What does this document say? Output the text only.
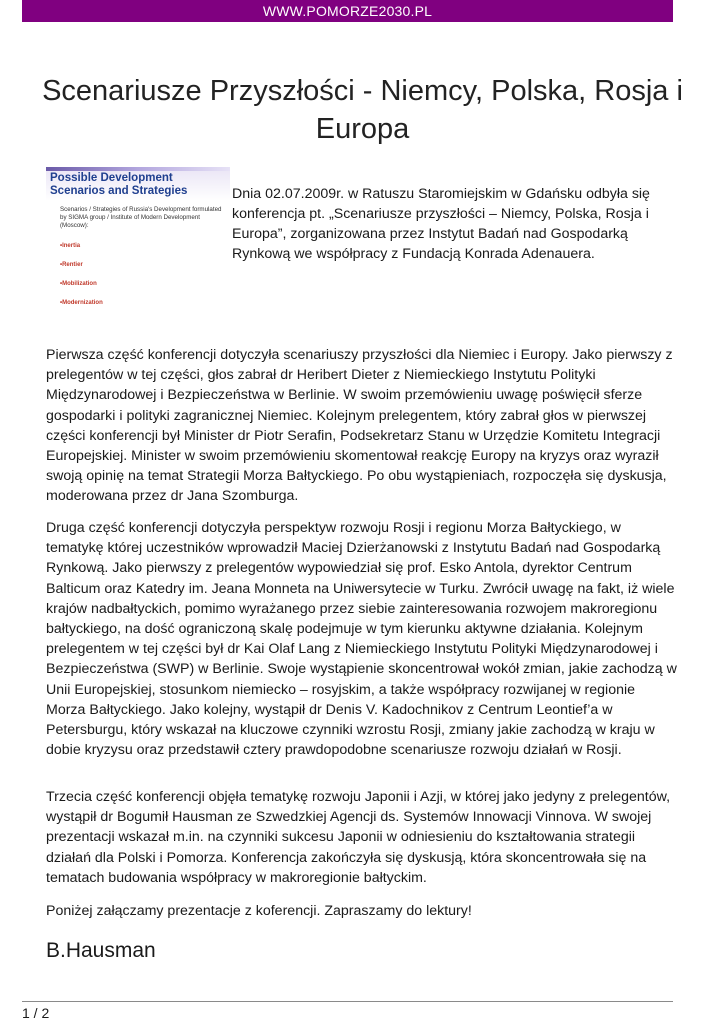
WWW.POMORZE2030.PL
Scenariusze Przyszłości - Niemcy, Polska, Rosja i Europa
Possible Development Scenarios and Strategies
Scenarios / Strategies of Russia's Development formulated by SIGMA group / Institute of Modern Development (Moscow):
•Inertia
•Rentier
•Mobilization
•Modernization

Dnia 02.07.2009r. w Ratuszu Staromiejskim w Gdańsku odbyła się konferencja pt. „Scenariusze przyszłości – Niemcy, Polska, Rosja i Europa”, zorganizowana przez Instytut Badań nad Gospodarką Rynkową we współpracy z Fundacją Konrada Adenauera.

Pierwsza część konferencji dotyczyła scenariuszy przyszłości dla Niemiec i Europy. Jako pierwszy z prelegentów w tej części, głos zabrał dr Heribert Dieter z Niemieckiego Instytutu Polityki Międzynarodowej i Bezpieczeństwa w Berlinie. W swoim przemówieniu uwagę poświęcił sferze gospodarki i polityki zagranicznej Niemiec. Kolejnym prelegentem, który zabrał głos w pierwszej części konferencji był Minister dr Piotr Serafin, Podsekretarz Stanu w Urzędzie Komitetu Integracji Europejskiej. Minister w swoim przemówieniu skomentował reakcję Europy na kryzys oraz wyraził swoją opinię na temat Strategii Morza Bałtyckiego. Po obu wystąpieniach, rozpoczęła się dyskusja, moderowana przez dr Jana Szomburga.

Druga część konferencji dotyczyła perspektyw rozwoju Rosji i regionu Morza Bałtyckiego, w tematykę której uczestników wprowadził Maciej Dzierżanowski z Instytutu Badań nad Gospodarką Rynkową. Jako pierwszy z prelegentów wypowiedział się prof. Esko Antola, dyrektor Centrum Balticum oraz Katedry im. Jeana Monneta na Uniwersytecie w Turku. Zwrócił uwagę na fakt, iż wiele krajów nadbałtyckich, pomimo wyrażanego przez siebie zainteresowania rozwojem makroregionu bałtyckiego, na dość ograniczoną skalę podejmuje w tym kierunku aktywne działania. Kolejnym prelegentem w tej części był dr Kai Olaf Lang z Niemieckiego Instytutu Polityki Międzynarodowej i Bezpieczeństwa (SWP) w Berlinie. Swoje wystąpienie skoncentrował wokół zmian, jakie zachodzą w Unii Europejskiej, stosunkom niemiecko – rosyjskim, a także współpracy rozwijanej w regionie Morza Bałtyckiego. Jako kolejny, wystąpił dr Denis V. Kadochnikov z Centrum Leontief’a w Petersburgu, który wskazał na kluczowe czynniki wzrostu Rosji, zmiany jakie zachodzą w kraju w dobie kryzysu oraz przedstawił cztery prawdopodobne scenariusze rozwoju działań w Rosji.

Trzecia część konferencji objęła tematykę rozwoju Japonii i Azji, w której jako jedyny z prelegentów, wystąpił dr Bogumił Hausman ze Szwedzkiej Agencji ds. Systemów Innowacji Vinnova. W swojej prezentacji wskazał m.in. na czynniki sukcesu Japonii w odniesieniu do kształtowania strategii działań dla Polski i Pomorza. Konferencja zakończyła się dyskusją, która skoncentrowała się na tematach budowania współpracy w makroregionie bałtyckim.

Poniżej załączamy prezentacje z koferencji. Zapraszamy do lektury!

B.Hausman
1 / 2
